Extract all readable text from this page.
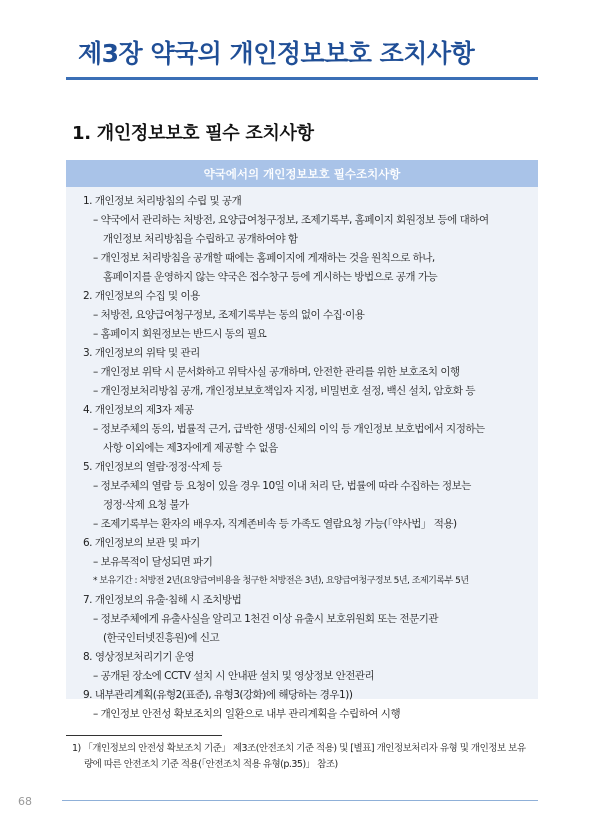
제3장 약국의 개인정보보호 조치사항
1. 개인정보보호 필수 조치사항
약국에서의 개인정보보호 필수조치사항
1. 개인정보 처리방침의 수립 및 공개
– 약국에서 관리하는 처방전, 요양급여청구정보, 조제기록부, 홈페이지 회원정보 등에 대하여
개인정보 처리방침을 수립하고 공개하여야 함
– 개인정보 처리방침을 공개할 때에는 홈페이지에 게재하는 것을 원칙으로 하나,
홈페이지를 운영하지 않는 약국은 접수창구 등에 게시하는 방법으로 공개 가능
2. 개인정보의 수집 및 이용
– 처방전, 요양급여청구정보, 조제기록부는 동의 없이 수집·이용
– 홈페이지 회원정보는 반드시 동의 필요
3. 개인정보의 위탁 및 관리
– 개인정보 위탁 시 문서화하고 위탁사실 공개하며, 안전한 관리를 위한 보호조치 이행
– 개인정보처리방침 공개, 개인정보보호책임자 지정, 비밀번호 설정, 백신 설치, 암호화 등
4. 개인정보의 제3자 제공
– 정보주체의 동의, 법률적 근거, 급박한 생명·신체의 이익 등 개인정보 보호법에서 지정하는
사항 이외에는 제3자에게 제공할 수 없음
5. 개인정보의 열람·정정·삭제 등
– 정보주체의 열람 등 요청이 있을 경우 10일 이내 처리 단, 법률에 따라 수집하는 정보는
정정·삭제 요청 불가
– 조제기록부는 환자의 배우자, 직계존비속 등 가족도 열람요청 가능(「약사법」 적용)
6. 개인정보의 보관 및 파기
– 보유목적이 달성되면 파기
* 보유기간 : 처방전 2년(요양급여비용을 청구한 처방전은 3년), 요양급여청구정보 5년, 조제기록부 5년
7. 개인정보의 유출·침해 시 조치방법
– 정보주체에게 유출사실을 알리고 1천건 이상 유출시 보호위원회 또는 전문기관
(한국인터넷진흥원)에 신고
8. 영상정보처리기기 운영
– 공개된 장소에 CCTV 설치 시 안내판 설치 및 영상정보 안전관리
9. 내부관리계획(유형2(표준), 유형3(강화)에 해당하는 경우1))
– 개인정보 안전성 확보조치의 일환으로 내부 관리계획을 수립하여 시행
1) 「개인정보의 안전성 확보조치 기준」 제3조(안전조치 기준 적용) 및 [별표] 개인정보처리자 유형 및 개인정보 보유
량에 따른 안전조치 기준 적용(「안전조치 적용 유형(p.35)」 참조)
68
